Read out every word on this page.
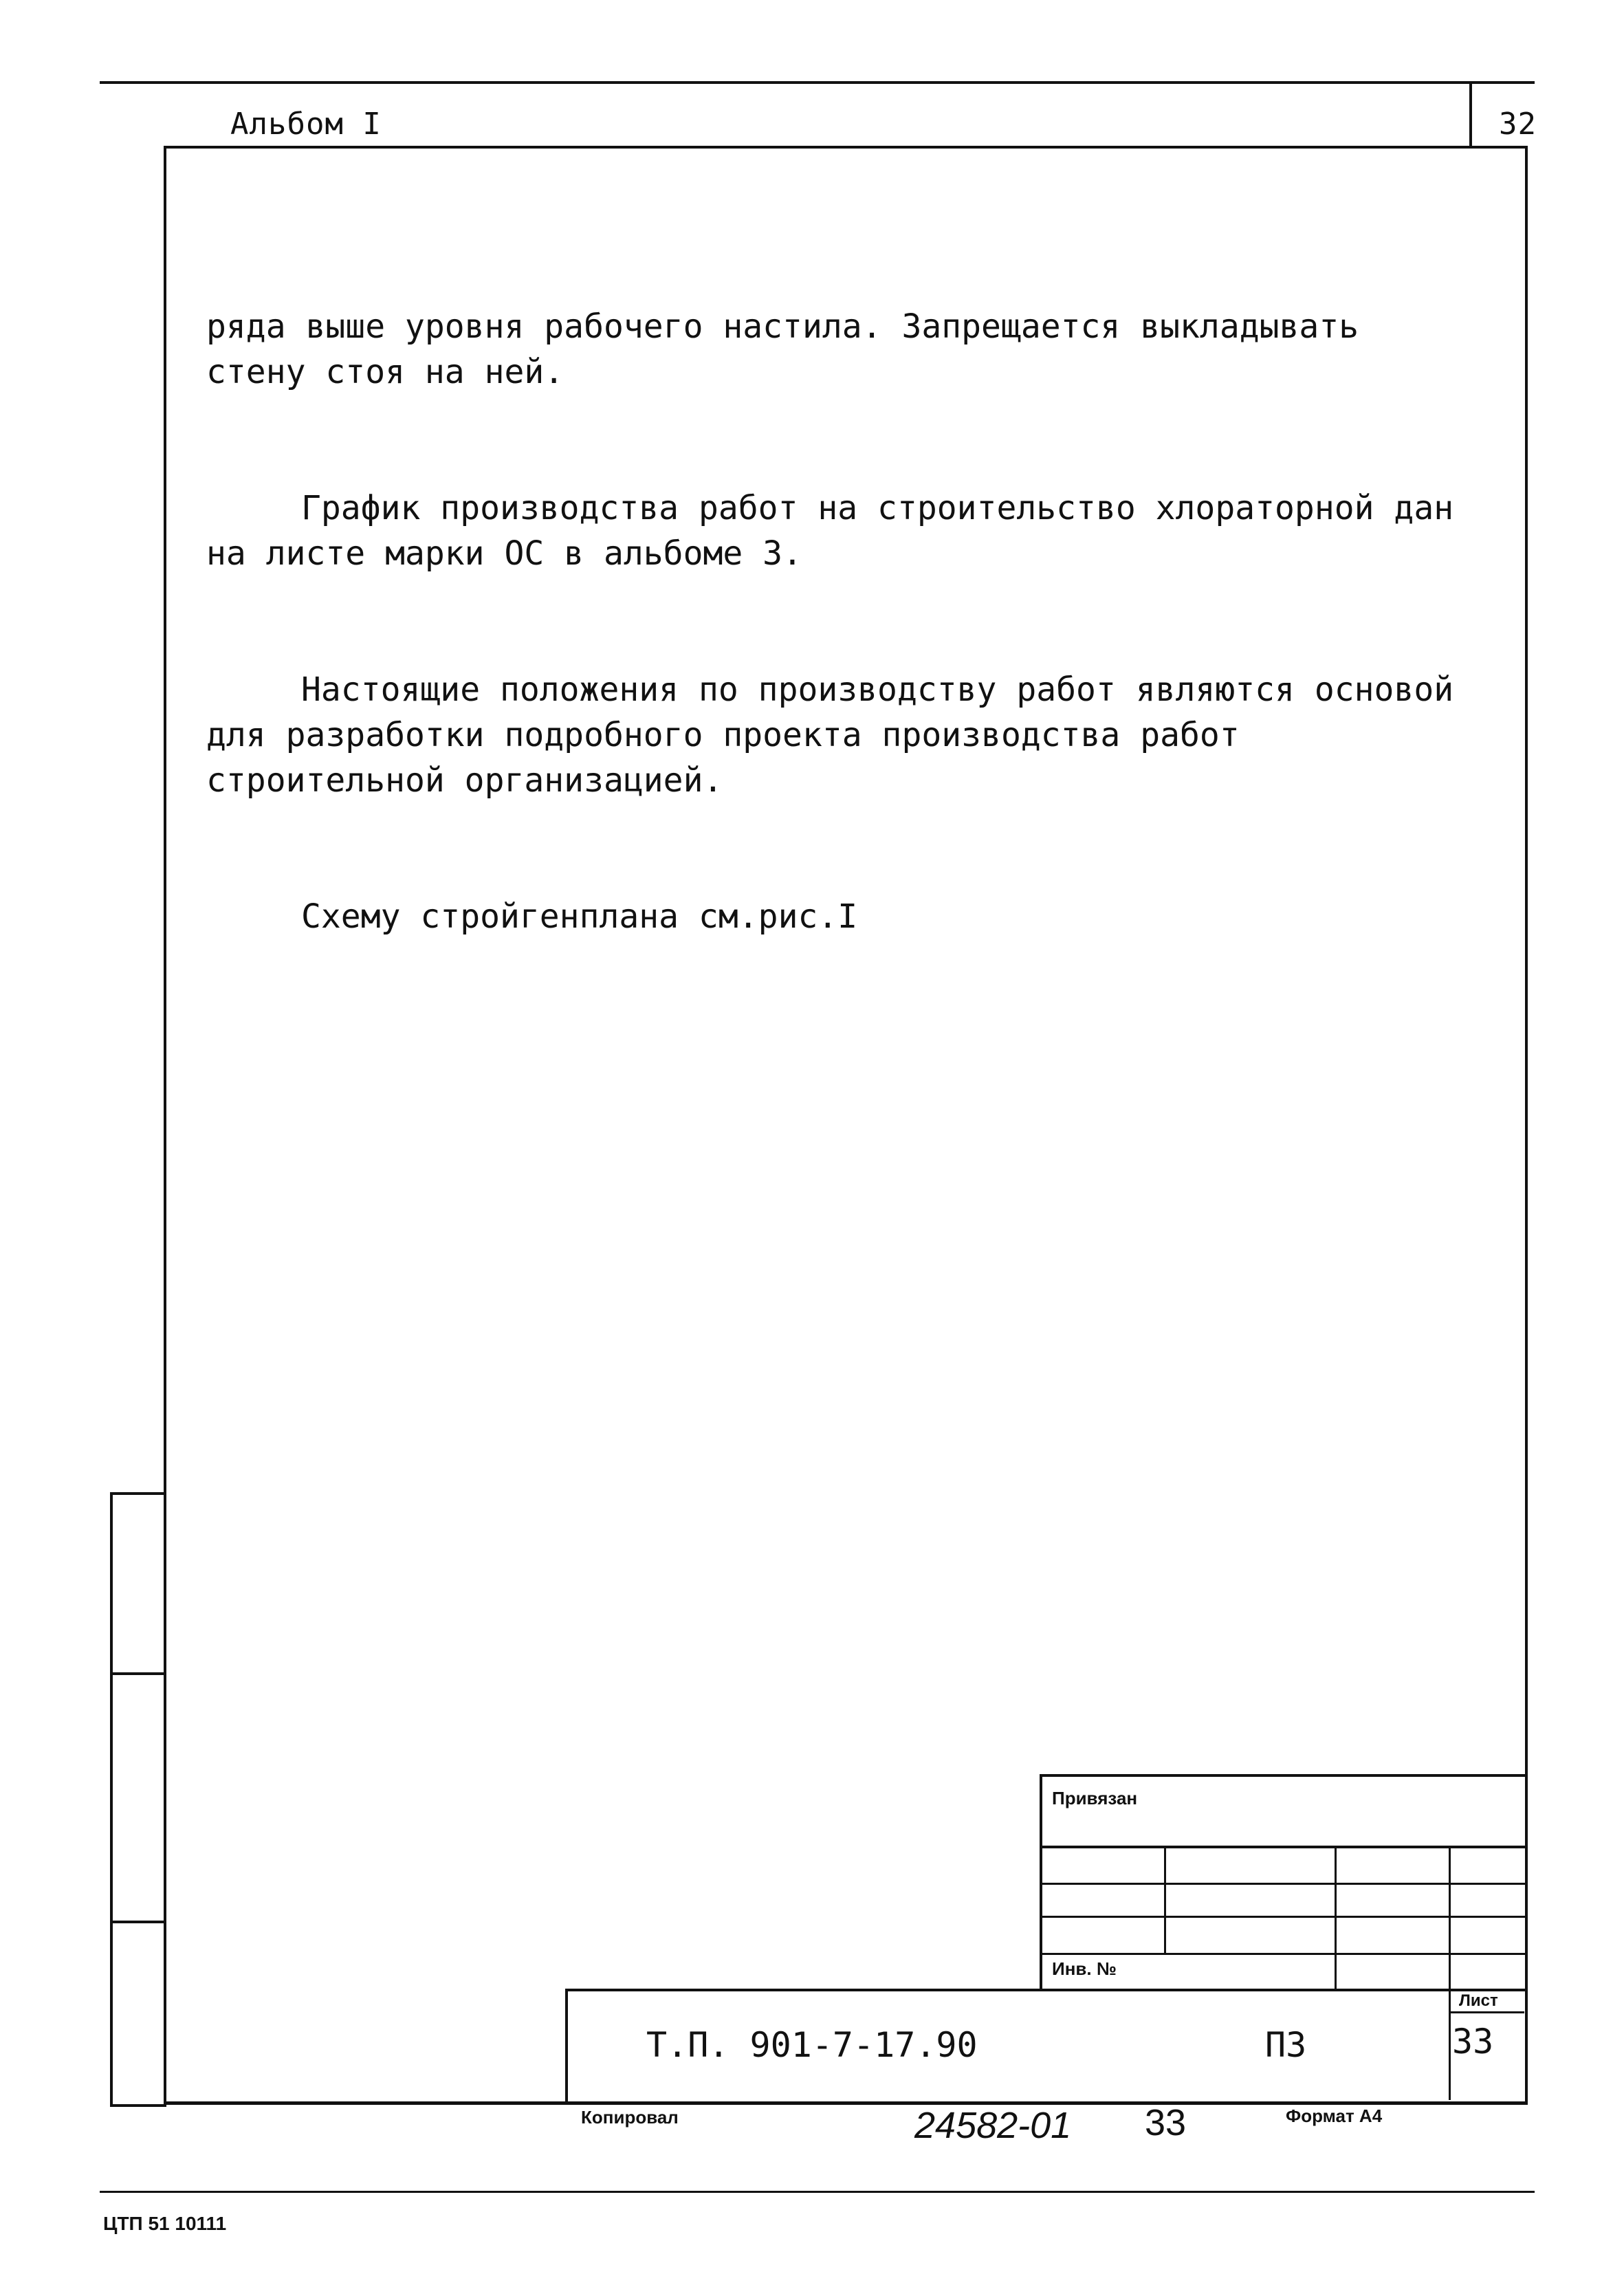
Альбом I	32

ряда выше уровня рабочего настила. Запрещается выкладывать стену стоя на ней.

График производства работ на строительство хлораторной дан на листе марки ОС в альбоме 3.

Настоящие положения по производству работ являются основой для разработки подробного проекта производства работ строительной организацией.

Схему стройгенплана см.рис.I

Привязан
Инв. №
Лист
Т.П. 901-7-17.90	ПЗ	33
Копировал	24582-01 33	Формат А4
ЦТП 51 10111
